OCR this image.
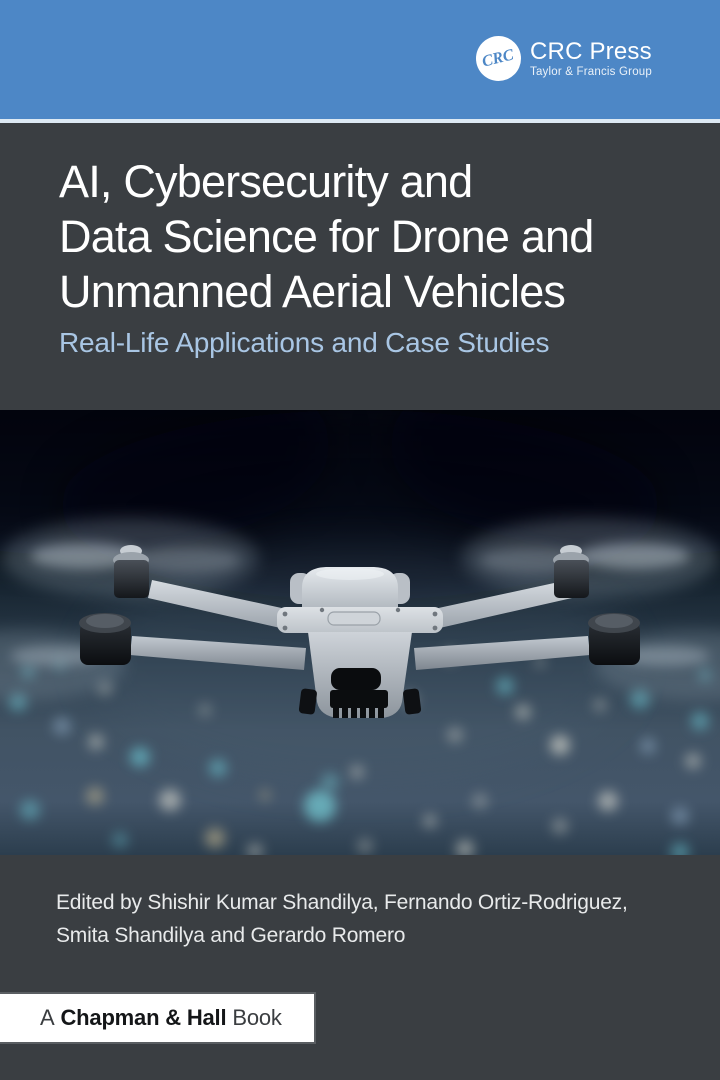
CRC CRC Press
Taylor & Francis Group
AI, Cybersecurity and
Data Science for Drone and
Unmanned Aerial Vehicles

Real-Life Applications and Case Studies

Edited by Shishir Kumar Shandilya, Fernando Ortiz-Rodriguez,
Smita Shandilya and Gerardo Romero

A Chapman & Hall Book
